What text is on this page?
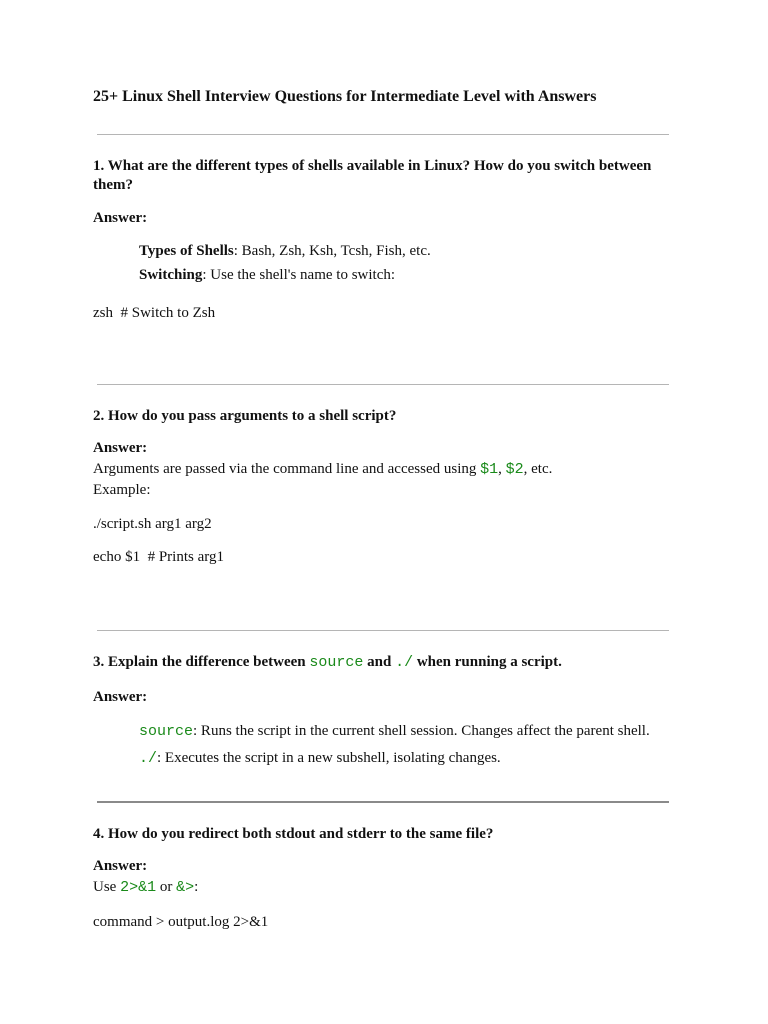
25+ Linux Shell Interview Questions for Intermediate Level with Answers
1. What are the different types of shells available in Linux? How do you switch between
them?
Answer:
Types of Shells: Bash, Zsh, Ksh, Tcsh, Fish, etc.
Switching: Use the shell's name to switch:
zsh  # Switch to Zsh
2. How do you pass arguments to a shell script?
Answer:
Arguments are passed via the command line and accessed using $1, $2, etc.
Example:
./script.sh arg1 arg2
echo $1  # Prints arg1
3. Explain the difference between source and ./ when running a script.
Answer:
source: Runs the script in the current shell session. Changes affect the parent shell.
./: Executes the script in a new subshell, isolating changes.
4. How do you redirect both stdout and stderr to the same file?
Answer:
Use 2>&1 or &>:
command > output.log 2>&1
